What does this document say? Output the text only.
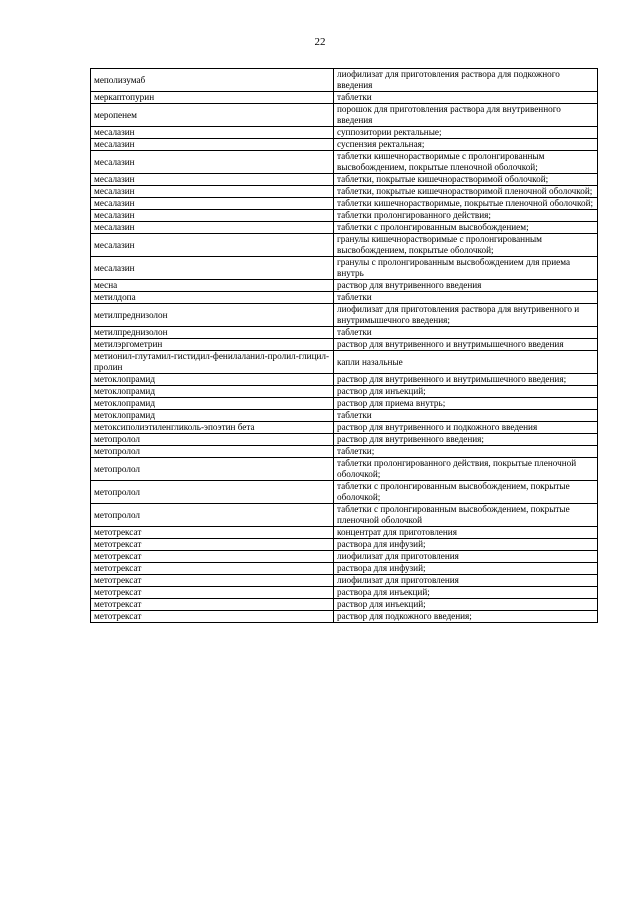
22
меполизумаб	лиофилизат для приготовления раствора для подкожного введения
меркаптопурин	таблетки
меропенем	порошок для приготовления раствора для внутривенного введения
месалазин	суппозитории ректальные;
месалазин	суспензия ректальная;
месалазин	таблетки кишечнорастворимые с пролонгированным высвобождением, покрытые пленочной оболочкой;
месалазин	таблетки, покрытые кишечнорастворимой оболочкой;
месалазин	таблетки, покрытые кишечнорастворимой пленочной оболочкой;
месалазин	таблетки кишечнорастворимые, покрытые пленочной оболочкой;
месалазин	таблетки пролонгированного действия;
месалазин	таблетки с пролонгированным высвобождением;
месалазин	гранулы кишечнорастворимые с пролонгированным высвобождением, покрытые оболочкой;
месалазин	гранулы с пролонгированным высвобождением для приема внутрь
месна	раствор для внутривенного введения
метилдопа	таблетки
метилпреднизолон	лиофилизат для приготовления раствора для внутривенного и внутримышечного введения;
метилпреднизолон	таблетки
метилэргометрин	раствор для внутривенного и внутримышечного введения
метионил-глутамил-гистидил-фенилаланил-пролил-глицил-пролин	капли назальные
метоклопрамид	раствор для внутривенного и внутримышечного введения;
метоклопрамид	раствор для инъекций;
метоклопрамид	раствор для приема внутрь;
метоклопрамид	таблетки
метоксиполиэтиленгликоль-эпоэтин бета	раствор для внутривенного и подкожного введения
метопролол	раствор для внутривенного введения;
метопролол	таблетки;
метопролол	таблетки пролонгированного действия, покрытые пленочной оболочкой;
метопролол	таблетки с пролонгированным высвобождением, покрытые оболочкой;
метопролол	таблетки с пролонгированным высвобождением, покрытые пленочной оболочкой
метотрексат	концентрат для приготовления
метотрексат	раствора для инфузий;
метотрексат	лиофилизат для приготовления
метотрексат	раствора для инфузий;
метотрексат	лиофилизат для приготовления
метотрексат	раствора для инъекций;
метотрексат	раствор для инъекций;
метотрексат	раствор для подкожного введения;
